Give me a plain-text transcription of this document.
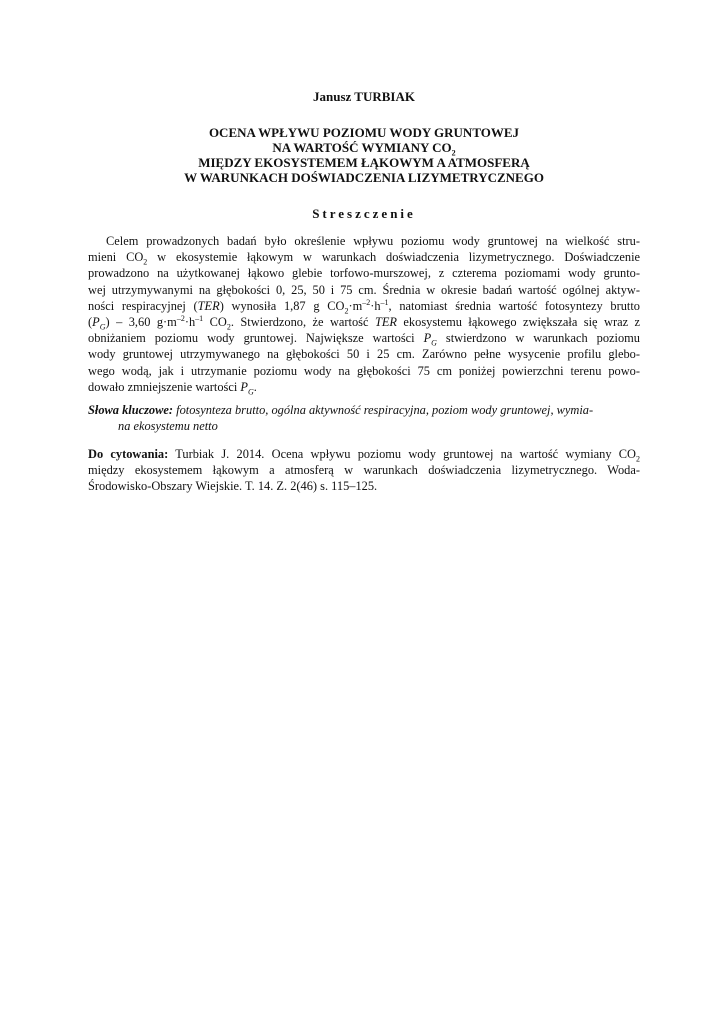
Janusz TURBIAK
OCENA WPŁYWU POZIOMU WODY GRUNTOWEJ
NA WARTOŚĆ WYMIANY $CO_2$
MIĘDZY EKOSYSTEMEM ŁĄKOWYM A ATMOSFERĄ
W WARUNKACH DOŚWIADCZENIA LIZYMETRYCZNEGO
Streszczenie
Celem prowadzonych badań było określenie wpływu poziomu wody gruntowej na wielkość stru-
mieni $CO_2$ w ekosystemie łąkowym w warunkach doświadczenia lizymetrycznego. Doświadczenie
prowadzono na użytkowanej łąkowo glebie torfowo-murszowej, z czterema poziomami wody grunto-
wej utrzymywanymi na głębokości 0, 25, 50 i 75 cm. Średnia w okresie badań wartość ogólnej aktyw-
ności respiracyjnej (TER) wynosiła 1,87 g $CO_2\cdot m^{-2}\cdot h^{-1}$, natomiast średnia wartość fotosyntezy brutto
$(P_G) - 3,60$ $g\cdot m^{-2}\cdot h^{-1}$ $CO_2$. Stwierdzono, że wartość TER ekosystemu łąkowego zwiększała się wraz z
obniżaniem poziomu wody gruntowej. Największe wartości $P_G$ stwierdzono w warunkach poziomu
wody gruntowej utrzymywanego na głębokości 50 i 25 cm. Zarówno pełne wysycenie profilu glebo-
wego wodą, jak i utrzymanie poziomu wody na głębokości 75 cm poniżej powierzchni terenu powo-
dowało zmniejszenie wartości $P_G$.
Słowa kluczowe: fotosynteza brutto, ogólna aktywność respiracyjna, poziom wody gruntowej, wymia-
na ekosystemu netto
Do cytowania: Turbiak J. 2014. Ocena wpływu poziomu wody gruntowej na wartość wymiany $CO_2$
między ekosystemem łąkowym a atmosferą w warunkach doświadczenia lizymetrycznego. Woda-
Środowisko-Obszary Wiejskie. T. 14. Z. 2(46) s. 115–125.
